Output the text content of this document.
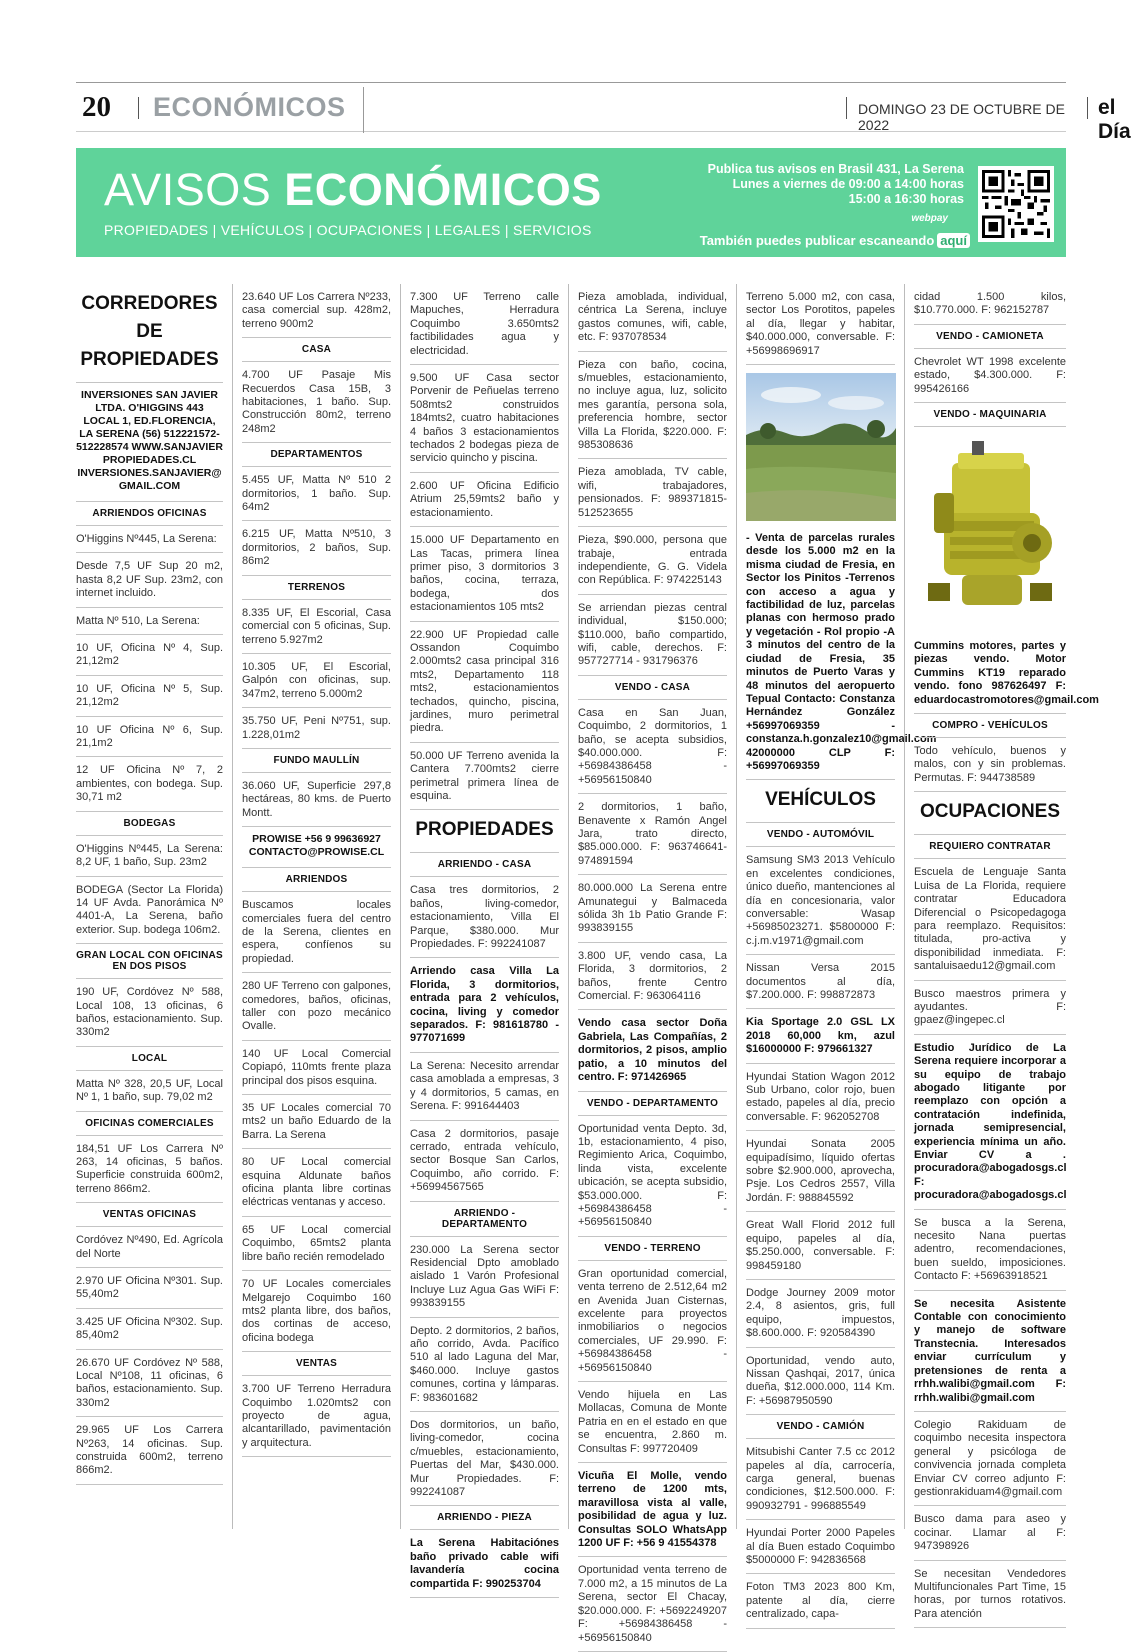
20 ECONÓMICOS	DOMINGO 23 DE OCTUBRE DE 2022
el Día
AVISOS ECONÓMICOS
PROPIEDADES | VEHÍCULOS | OCUPACIONES | LEGALES | SERVICIOS
Publica tus avisos en Brasil 431, La Serena
Lunes a viernes de 09:00 a 14:00 horas
15:00 a 16:30 horas
webpay
También puedes publicar escaneando aquí
CORREDORES DE PROPIEDADES
INVERSIONES SAN JAVIER LTDA. O'HIGGINS 443 LOCAL 1, ED.FLORENCIA, LA SERENA (56) 512221572-512228574 WWW.SANJAVIER PROPIEDADES.CL INVERSIONES.SANJAVIER@ GMAIL.COM
ARRIENDOS OFICINAS
O'Higgins Nº445, La Serena:
Desde 7,5 UF Sup 20 m2, hasta 8,2 UF Sup. 23m2, con internet incluido.
Matta Nº 510, La Serena:
10 UF, Oficina Nº 4, Sup. 21,12m2
10 UF, Oficina Nº 5, Sup. 21,12m2
10 UF Oficina Nº 6, Sup. 21,1m2
12 UF Oficina Nº 7, 2 ambientes, con bodega. Sup. 30,71 m2
BODEGAS
O'Higgins Nº445, La Serena: 8,2 UF, 1 baño, Sup. 23m2
BODEGA (Sector La Florida) 14 UF Avda. Panorámica Nº 4401-A, La Serena, baño exterior. Sup. bodega 106m2.
GRAN LOCAL CON OFICINAS EN DOS PISOS
190 UF, Cordóvez Nº 588, Local 108, 13 oficinas, 6 baños, estacionamiento. Sup. 330m2
LOCAL
Matta Nº 328, 20,5 UF, Local Nº 1, 1 baño, sup. 79,02 m2
OFICINAS COMERCIALES
184,51 UF Los Carrera Nº 263, 14 oficinas, 5 baños. Superficie construida 600m2, terreno 866m2.
VENTAS OFICINAS
Cordóvez Nº490, Ed. Agrícola del Norte
2.970 UF Oficina Nº301. Sup. 55,40m2
3.425 UF Oficina Nº302. Sup. 85,40m2
26.670 UF Cordóvez Nº 588, Local Nº108, 11 oficinas, 6 baños, estacionamiento. Sup. 330m2
29.965 UF Los Carrera Nº263, 14 oficinas. Sup. construida 600m2, terreno 866m2.
23.640 UF Los Carrera Nº233, casa comercial sup. 428m2, terreno 900m2
CASA
4.700 UF Pasaje Mis Recuerdos Casa 15B, 3 habitaciones, 1 baño. Sup. Construcción 80m2, terreno 248m2
DEPARTAMENTOS
5.455 UF, Matta Nº 510 2 dormitorios, 1 baño. Sup. 64m2
6.215 UF, Matta Nº510, 3 dormitorios, 2 baños, Sup. 86m2
TERRENOS
8.335 UF, El Escorial, Casa comercial con 5 oficinas, Sup. terreno 5.927m2
10.305 UF, El Escorial, Galpón con oficinas, sup. 347m2, terreno 5.000m2
35.750 UF, Peni Nº751, sup. 1.228,01m2
FUNDO MAULLÍN
36.060 UF, Superficie 297,8 hectáreas, 80 kms. de Puerto Montt.
PROWISE +56 9 99636927 CONTACTO@PROWISE.CL
ARRIENDOS
Buscamos locales comerciales fuera del centro de la Serena, clientes en espera, confíenos su propiedad.
280 UF Terreno con galpones, comedores, baños, oficinas, taller con pozo mecánico Ovalle.
140 UF Local Comercial Copiapó, 110mts frente plaza principal dos pisos esquina.
35 UF Locales comercial 70 mts2 un baño Eduardo de la Barra. La Serena
80 UF Local comercial esquina Aldunate baños oficina planta libre cortinas eléctricas ventanas y acceso.
65 UF Local comercial Coquimbo, 65mts2 planta libre baño recién remodelado
70 UF Locales comerciales Melgarejo Coquimbo 160 mts2 planta libre, dos baños, dos cortinas de acceso, oficina bodega
VENTAS
3.700 UF Terreno Herradura Coquimbo 1.020mts2 con proyecto de agua, alcantarillado, pavimentación y arquitectura.
7.300 UF Terreno calle Mapuches, Herradura Coquimbo 3.650mts2 factibilidades agua y electricidad.
9.500 UF Casa sector Porvenir de Peñuelas terreno 508mts2 construidos 184mts2, cuatro habitaciones 4 baños 3 estacionamientos techados 2 bodegas pieza de servicio quincho y piscina.
2.600 UF Oficina Edificio Atrium 25,59mts2 baño y estacionamiento.
15.000 UF Departamento en Las Tacas, primera línea primer piso, 3 dormitorios 3 baños, cocina, terraza, bodega, dos estacionamientos 105 mts2
22.900 UF Propiedad calle Ossandon Coquimbo 2.000mts2 casa principal 316 mts2, Departamento 118 mts2, estacionamientos techados, quincho, piscina, jardines, muro perimetral piedra.
50.000 UF Terreno avenida la Cantera 7.700mts2 cierre perimetral primera línea de esquina.
PROPIEDADES
ARRIENDO - CASA
Casa tres dormitorios, 2 baños, living-comedor, estacionamiento, Villa El Parque, $380.000. Mur Propiedades. F: 992241087
Arriendo casa Villa La Florida, 3 dormitorios, entrada para 2 vehículos, cocina, living y comedor separados. F: 981618780 - 977071699
La Serena: Necesito arrendar casa amoblada a empresas, 3 y 4 dormitorios, 5 camas, en Serena. F: 991644403
Casa 2 dormitorios, pasaje cerrado, entrada vehículo, sector Bosque San Carlos, Coquimbo, año corrido. F: +56994567565
ARRIENDO - DEPARTAMENTO
230.000 La Serena sector Residencial Dpto amoblado aislado 1 Varón Profesional Incluye Luz Agua Gas WiFi F: 993839155
Depto. 2 dormitorios, 2 baños, año corrido, Avda. Pacífico 510 al lado Laguna del Mar, $460.000. Incluye gastos comunes, cortina y lámparas. F: 983601682
Dos dormitorios, un baño, living-comedor, cocina c/muebles, estacionamiento, Puertas del Mar, $430.000. Mur Propiedades. F: 992241087
ARRIENDO - PIEZA
La Serena Habitaciónes baño privado cable wifi lavandería cocina compartida F: 990253704
Pieza amoblada, individual, céntrica La Serena, incluye gastos comunes, wifi, cable, etc. F: 937078534
Pieza con baño, cocina, s/muebles, estacionamiento, no incluye agua, luz, solicito mes garantía, persona sola, preferencia hombre, sector Villa La Florida, $220.000. F: 985308636
Pieza amoblada, TV cable, wifi, trabajadores, pensionados. F: 989371815-512523655
Pieza, $90.000, persona que trabaje, entrada independiente, G. G. Videla con República. F: 974225143
Se arriendan piezas central individual, $150.000; $110.000, baño compartido, wifi, cable, derechos. F: 957727714 - 931796376
VENDO - CASA
Casa en San Juan, Coquimbo, 2 dormitorios, 1 baño, se acepta subsidios, $40.000.000. F: +56984386458 - +56956150840
2 dormitorios, 1 baño, Benavente x Ramón Angel Jara, trato directo, $85.000.000. F: 963746641-974891594
80.000.000 La Serena entre Amunategui y Balmaceda sólida 3h 1b Patio Grande F: 993839155
3.800 UF, vendo casa, La Florida, 3 dormitorios, 2 baños, frente Centro Comercial. F: 963064116
Vendo casa sector Doña Gabriela, Las Compañías, 2 dormitorios, 2 pisos, amplio patio, a 10 minutos del centro. F: 971426965
VENDO - DEPARTAMENTO
Oportunidad venta Depto. 3d, 1b, estacionamiento, 4 piso, Regimiento Arica, Coquimbo, linda vista, excelente ubicación, se acepta subsidio, $53.000.000. F: +56984386458 - +56956150840
VENDO - TERRENO
Gran oportunidad comercial, venta terreno de 2.512,64 m2 en Avenida Juan Cisternas, excelente para proyectos inmobiliarios o negocios comerciales, UF 29.990. F: +56984386458 - +56956150840
Vendo hijuela en Las Mollacas, Comuna de Monte Patria en en el estado en que se encuentra, 2.860 m. Consultas F: 997720409
Vicuña El Molle, vendo terreno de 1200 mts, maravillosa vista al valle, posibilidad de agua y luz. Consultas SOLO WhatsApp 1200 UF F: +56 9 41554378
Oportunidad venta terreno de 7.000 m2, a 15 minutos de La Serena, sector El Chacay, $20.000.000. F: +5692249207 F: +56984386458 - +56956150840
Terreno 5.000 m2, con casa, sector Los Porotitos, papeles al día, llegar y habitar, $40.000.000, conversable. F: +56998696917
- Venta de parcelas rurales desde los 5.000 m2 en la misma ciudad de Fresia, en Sector los Pinitos -Terrenos con acceso a agua y factibilidad de luz, parcelas planas con hermoso prado y vegetación - Rol propio -A 3 minutos del centro de la ciudad de Fresia, 35 minutos de Puerto Varas y 48 minutos del aeropuerto Tepual Contacto: Constanza Hernández González +56997069359 - constanza.h.gonzalez10@gmail.com 42000000 CLP F: +56997069359
VEHÍCULOS
VENDO - AUTOMÓVIL
Samsung SM3 2013 Vehículo en excelentes condiciones, único dueño, mantenciones al día en concesionaria, valor conversable: Wasap +56985023271. $5800000 F: c.j.m.v1971@gmail.com
Nissan Versa 2015 documentos al día, $7.200.000. F: 998872873
Kia Sportage 2.0 GSL LX 2018 60,000 km, azul $16000000 F: 979661327
Hyundai Station Wagon 2012 Sub Urbano, color rojo, buen estado, papeles al día, precio conversable. F: 962052708
Hyundai Sonata 2005 equipadísimo, líquido ofertas sobre $2.900.000, aprovecha, Psje. Los Cedros 2557, Villa Jordán. F: 988845592
Great Wall Florid 2012 full equipo, papeles al día, $5.250.000, conversable. F: 998459180
Dodge Journey 2009 motor 2.4, 8 asientos, gris, full equipo, impuestos, $8.600.000. F: 920584390
Oportunidad, vendo auto, Nissan Qashqai, 2017, única dueña, $12.000.000, 114 Km. F: +56987950590
VENDO - CAMIÓN
Mitsubishi Canter 7.5 cc 2012 papeles al día, carrocería, carga general, buenas condiciones, $12.500.000. F: 990932791 - 996885549
Hyundai Porter 2000 Papeles al día Buen estado Coquimbo $5000000 F: 942836568
Foton TM3 2023 800 Km, patente al día, cierre centralizado, capa-
cidad 1.500 kilos, $10.770.000. F: 962152787
VENDO - CAMIONETA
Chevrolet WT 1998 excelente estado, $4.300.000. F: 995426166
VENDO - MAQUINARIA
Cummins motores, partes y piezas vendo. Motor Cummins KT19 reparado vendo. fono 987626497 F: eduardocastromotores@gmail.com
COMPRO - VEHÍCULOS
Todo vehículo, buenos y malos, con y sin problemas. Permutas. F: 944738589
OCUPACIONES
REQUIERO CONTRATAR
Escuela de Lenguaje Santa Luisa de La Florida, requiere contratar Educadora Diferencial o Psicopedagoga para reemplazo. Requisitos: titulada, pro-activa y disponibilidad inmediata. F: santaluisaedu12@gmail.com
Busco maestros primera y ayudantes. F: gpaez@ingepec.cl
Estudio Jurídico de La Serena requiere incorporar a su equipo de trabajo abogado litigante por reemplazo con opción a contratación indefinida, jornada semipresencial, experiencia mínima un año. Enviar CV a . procuradora@abogadosgs.cl F: procuradora@abogadosgs.cl
Se busca a la Serena, necesito Nana puertas adentro, recomendaciones, buen sueldo, imposiciones. Contacto F: +56963918521
Se necesita Asistente Contable con conocimiento y manejo de software Transtecnia. Interesados enviar currículum y pretensiones de renta a rrhh.walibi@gmail.com F: rrhh.walibi@gmail.com
Colegio Rakiduam de coquimbo necesita inspectora general y psicóloga de convivencia jornada completa Enviar CV correo adjunto F: gestionrakiduam4@gmail.com
Busco dama para aseo y cocinar. Llamar al F: 947398926
Se necesitan Vendedores Multifuncionales Part Time, 15 horas, por turnos rotativos. Para atención
